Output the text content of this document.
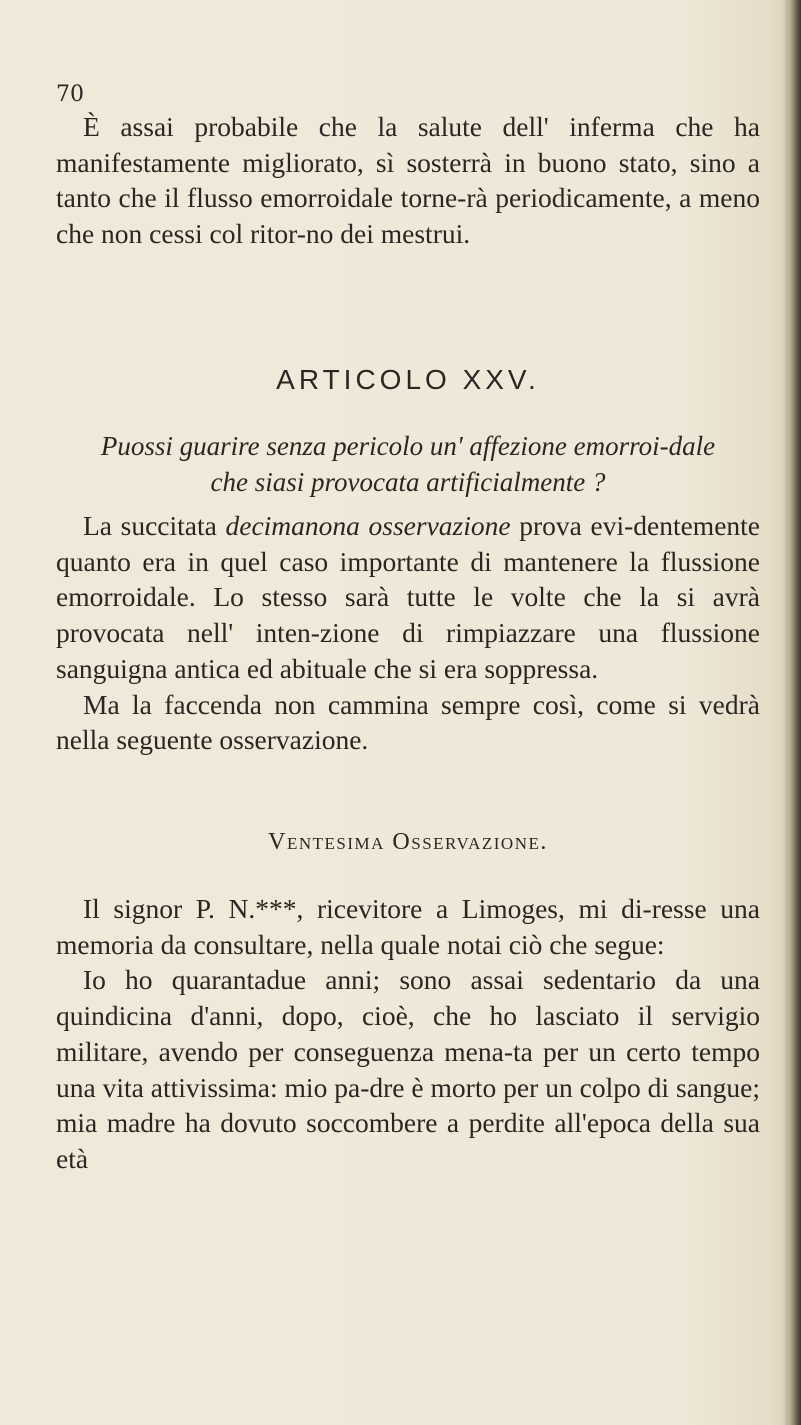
70

È assai probabile che la salute dell' inferma che ha manifestamente migliorato, sì sosterrà in buono stato, sino a tanto che il flusso emorroidale torne-rà periodicamente, a meno che non cessi col ritor-no dei mestrui.

ARTICOLO XXV.
Puossi guarire senza pericolo un' affezione emorroi-dale che siasi provocata artificialmente ?

La succitata decimanona osservazione prova evi-dentemente quanto era in quel caso importante di mantenere la flussione emorroidale. Lo stesso sarà tutte le volte che la si avrà provocata nell' inten-zione di rimpiazzare una flussione sanguigna antica ed abituale che si era soppressa.

Ma la faccenda non cammina sempre così, come si vedrà nella seguente osservazione.

Ventesima Osservazione.

Il signor P. N.***, ricevitore a Limoges, mi di-resse una memoria da consultare, nella quale notai ciò che segue:

Io ho quarantadue anni; sono assai sedentario da una quindicina d'anni, dopo, cioè, che ho lasciato il servigio militare, avendo per conseguenza mena-ta per un certo tempo una vita attivissima: mio pa-dre è morto per un colpo di sangue; mia madre ha dovuto soccombere a perdite all'epoca della sua età
